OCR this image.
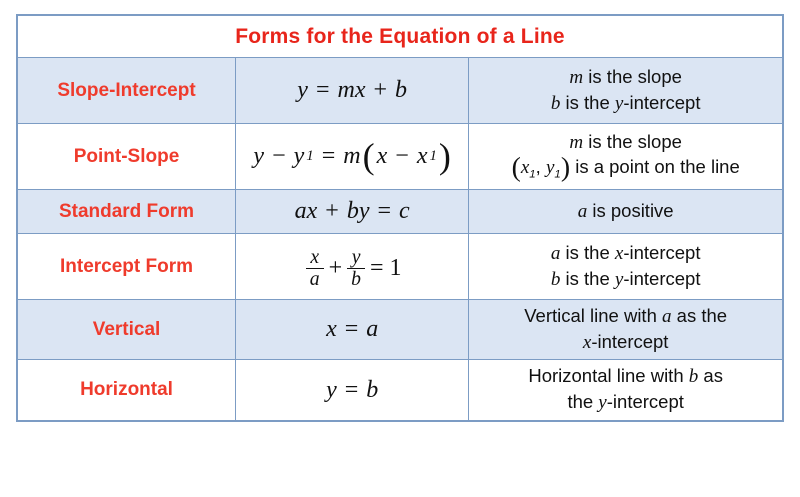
Forms for the Equation of a Line		
Slope-Intercept	y = mx + b	m is the slope
b is the y-intercept

Point-Slope	y − y 1 = m ( x − x 1 )	m is the slope
($x_1$, $y_1$) is a point on the line

Standard Form	ax + by = c	a is positive

Intercept Form	$\frac{x}{a} + \frac{y}{b} = 1$	
a is the x-intercept
b is the y-intercept

Vertical	x = a	Vertical line with a as the
x-intercept

Horizontal	y = b	Horizontal line with b as
the y-intercept
